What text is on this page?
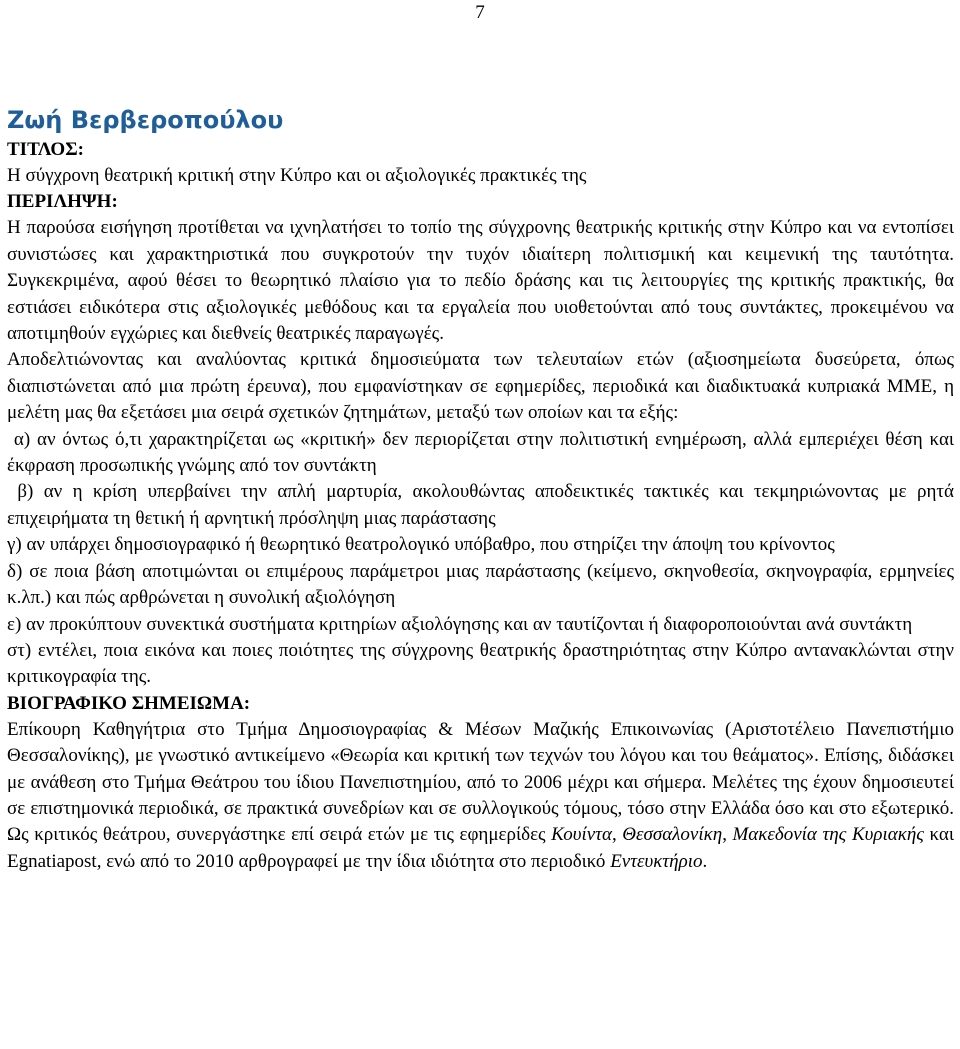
7
Ζωή Βερβεροπούλου
ΤΙΤΛΟΣ:

Η σύγχρονη θεατρική κριτική στην Κύπρο και οι αξιολογικές πρακτικές της

ΠΕΡΙΛΗΨΗ:

Η παρούσα εισήγηση προτίθεται να ιχνηλατήσει το τοπίο της σύγχρονης θεατρικής κριτικής στην Κύπρο και να εντοπίσει συνιστώσες και χαρακτηριστικά που συγκροτούν την τυχόν ιδιαίτερη πολιτισμική και κειμενική της ταυτότητα. Συγκεκριμένα, αφού θέσει το θεωρητικό πλαίσιο για το πεδίο δράσης και τις λειτουργίες της κριτικής πρακτικής, θα εστιάσει ειδικότερα στις αξιολογικές μεθόδους και τα εργαλεία που υιοθετούνται από τους συντάκτες, προκειμένου να αποτιμηθούν εγχώριες και διεθνείς θεατρικές παραγωγές.

Αποδελτιώνοντας και αναλύοντας κριτικά δημοσιεύματα των τελευταίων ετών (αξιοσημείωτα δυσεύρετα, όπως διαπιστώνεται από μια πρώτη έρευνα), που εμφανίστηκαν σε εφημερίδες, περιοδικά και διαδικτυακά κυπριακά ΜΜΕ, η μελέτη μας θα εξετάσει μια σειρά σχετικών ζητημάτων, μεταξύ των οποίων και τα εξής:

α) αν όντως ό,τι χαρακτηρίζεται ως «κριτική» δεν περιορίζεται στην πολιτιστική ενημέρωση, αλλά εμπεριέχει θέση και έκφραση προσωπικής γνώμης από τον συντάκτη

β) αν η κρίση υπερβαίνει την απλή μαρτυρία, ακολουθώντας αποδεικτικές τακτικές και τεκμηριώνοντας με ρητά επιχειρήματα τη θετική ή αρνητική πρόσληψη μιας παράστασης

γ) αν υπάρχει δημοσιογραφικό ή θεωρητικό θεατρολογικό υπόβαθρο, που στηρίζει την άποψη του κρίνοντος

δ) σε ποια βάση αποτιμώνται οι επιμέρους παράμετροι μιας παράστασης (κείμενο, σκηνοθεσία, σκηνογραφία, ερμηνείες κ.λπ.) και πώς αρθρώνεται η συνολική αξιολόγηση

ε) αν προκύπτουν συνεκτικά συστήματα κριτηρίων αξιολόγησης και αν ταυτίζονται ή διαφοροποιούνται ανά συντάκτη

στ) εντέλει, ποια εικόνα και ποιες ποιότητες της σύγχρονης θεατρικής δραστηριότητας στην Κύπρο αντανακλώνται στην κριτικογραφία της.

ΒΙΟΓΡΑΦΙΚΟ ΣΗΜΕΙΩΜΑ:

Επίκουρη Καθηγήτρια στο Τμήμα Δημοσιογραφίας & Μέσων Μαζικής Επικοινωνίας (Αριστοτέλειο Πανεπιστήμιο Θεσσαλονίκης), με γνωστικό αντικείμενο «Θεωρία και κριτική των τεχνών του λόγου και του θεάματος». Επίσης, διδάσκει με ανάθεση στο Τμήμα Θεάτρου του ίδιου Πανεπιστημίου, από το 2006 μέχρι και σήμερα. Μελέτες της έχουν δημοσιευτεί σε επιστημονικά περιοδικά, σε πρακτικά συνεδρίων και σε συλλογικούς τόμους, τόσο στην Ελλάδα όσο και στο εξωτερικό. Ως κριτικός θεάτρου, συνεργάστηκε επί σειρά ετών με τις εφημερίδες Κουίντα, Θεσσαλονίκη, Μακεδονία της Κυριακής και Egnatiapost, ενώ από το 2010 αρθρογραφεί με την ίδια ιδιότητα στο περιοδικό Εντευκτήριο.
